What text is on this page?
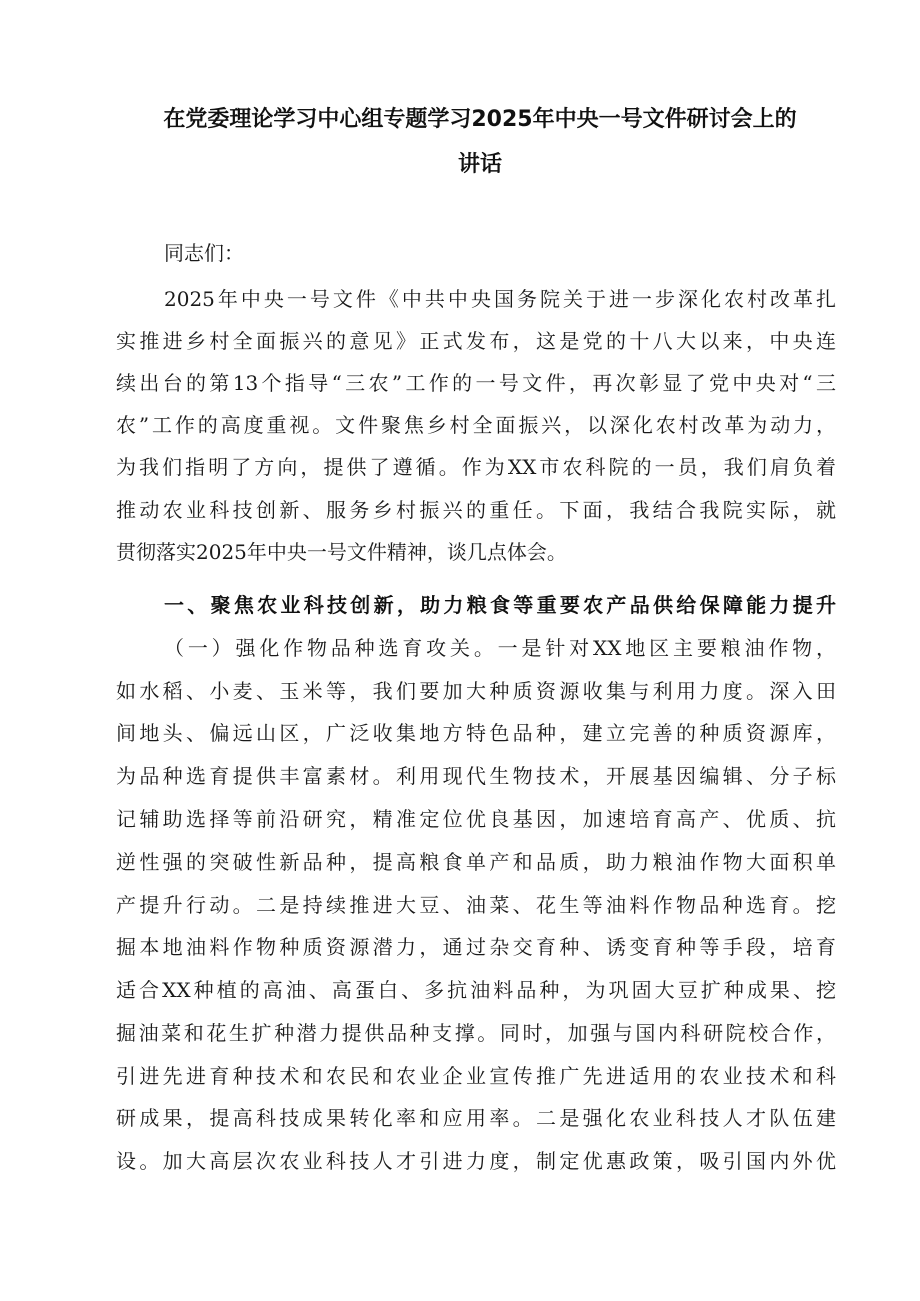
在党委理论学习中心组专题学习2025年中央一号文件研讨会上的
讲话
同志们：
2025年中央一号文件《中共中央国务院关于进一步深化农村改革扎
实推进乡村全面振兴的意见》正式发布，这是党的十八大以来，中央连
续出台的第13个指导“三农”工作的一号文件，再次彰显了党中央对“三
农”工作的高度重视。文件聚焦乡村全面振兴，以深化农村改革为动力，
为我们指明了方向，提供了遵循。作为XX市农科院的一员，我们肩负着
推动农业科技创新、服务乡村振兴的重任。下面，我结合我院实际，就
贯彻落实2025年中央一号文件精神，谈几点体会。
一、聚焦农业科技创新，助力粮食等重要农产品供给保障能力提升
（一）强化作物品种选育攻关。一是针对XX地区主要粮油作物，
如水稻、小麦、玉米等，我们要加大种质资源收集与利用力度。深入田
间地头、偏远山区，广泛收集地方特色品种，建立完善的种质资源库，
为品种选育提供丰富素材。利用现代生物技术，开展基因编辑、分子标
记辅助选择等前沿研究，精准定位优良基因，加速培育高产、优质、抗
逆性强的突破性新品种，提高粮食单产和品质，助力粮油作物大面积单
产提升行动。二是持续推进大豆、油菜、花生等油料作物品种选育。挖
掘本地油料作物种质资源潜力，通过杂交育种、诱变育种等手段，培育
适合XX种植的高油、高蛋白、多抗油料品种，为巩固大豆扩种成果、挖
掘油菜和花生扩种潜力提供品种支撑。同时，加强与国内科研院校合作，
引进先进育种技术和农民和农业企业宣传推广先进适用的农业技术和科
研成果，提高科技成果转化率和应用率。二是强化农业科技人才队伍建
设。加大高层次农业科技人才引进力度，制定优惠政策，吸引国内外优
